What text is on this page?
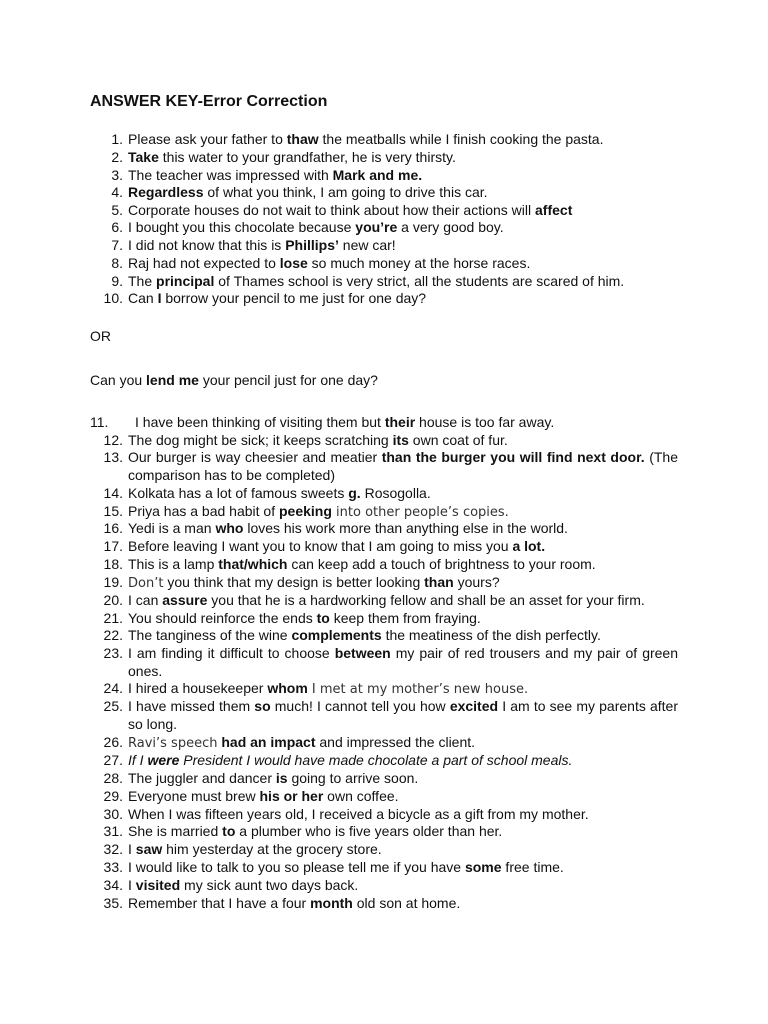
ANSWER KEY-Error Correction
1. Please ask your father to thaw the meatballs while I finish cooking the pasta.
2. Take this water to your grandfather, he is very thirsty.
3. The teacher was impressed with Mark and me.
4. Regardless of what you think, I am going to drive this car.
5. Corporate houses do not wait to think about how their actions will affect
6. I bought you this chocolate because you’re a very good boy.
7. I did not know that this is Phillips’ new car!
8. Raj had not expected to lose so much money at the horse races.
9. The principal of Thames school is very strict, all the students are scared of him.
10. Can I borrow your pencil to me just for one day?
OR
Can you lend me your pencil just for one day?
11.	I have been thinking of visiting them but their house is too far away.
12. The dog might be sick; it keeps scratching its own coat of fur.
13. Our burger is way cheesier and meatier than the burger you will find next door. (The comparison has to be completed)
14. Kolkata has a lot of famous sweets g. Rosogolla.
15. Priya has a bad habit of peeking into other people’s copies.
16. Yedi is a man who loves his work more than anything else in the world.
17. Before leaving I want you to know that I am going to miss you a lot.
18. This is a lamp that/which can keep add a touch of brightness to your room.
19. Don’t you think that my design is better looking than yours?
20. I can assure you that he is a hardworking fellow and shall be an asset for your firm.
21. You should reinforce the ends to keep them from fraying.
22. The tanginess of the wine complements the meatiness of the dish perfectly.
23. I am finding it difficult to choose between my pair of red trousers and my pair of green ones.
24. I hired a housekeeper whom I met at my mother’s new house.
25. I have missed them so much! I cannot tell you how excited I am to see my parents after so long.
26. Ravi’s speech had an impact and impressed the client.
27. If I were President I would have made chocolate a part of school meals.
28. The juggler and dancer is going to arrive soon.
29. Everyone must brew his or her own coffee.
30. When I was fifteen years old, I received a bicycle as a gift from my mother.
31. She is married to a plumber who is five years older than her.
32. I saw him yesterday at the grocery store.
33. I would like to talk to you so please tell me if you have some free time.
34. I visited my sick aunt two days back.
35. Remember that I have a four month old son at home.
